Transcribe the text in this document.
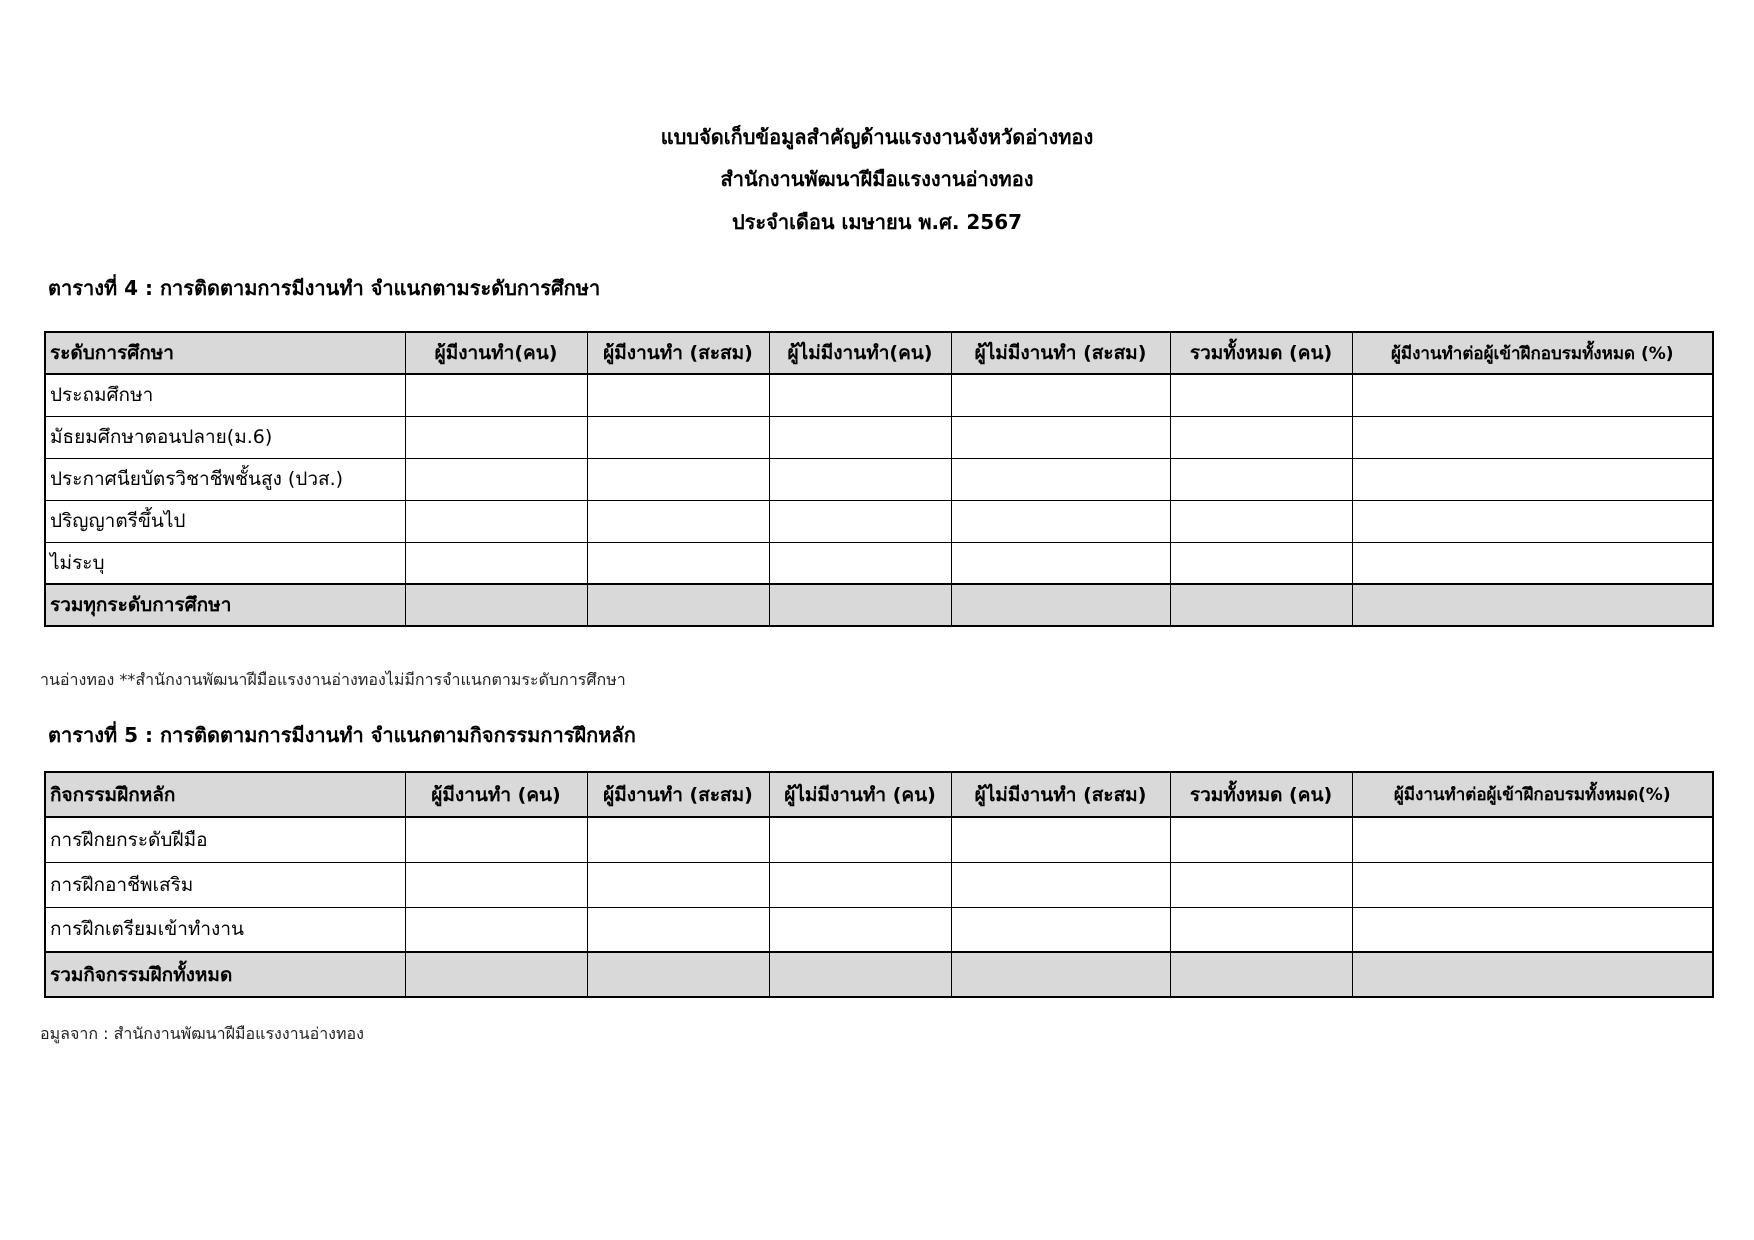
แบบจัดเก็บข้อมูลสำคัญด้านแรงงานจังหวัดอ่างทอง
สำนักงานพัฒนาฝีมือแรงงานอ่างทอง
ประจำเดือน เมษายน พ.ศ. 2567
ตารางที่ 4 : การติดตามการมีงานทำ จำแนกตามระดับการศึกษา
ระดับการศึกษา	ผู้มีงานทำ(คน)	ผู้มีงานทำ (สะสม)	ผู้ไม่มีงานทำ(คน)	ผู้ไม่มีงานทำ (สะสม)	รวมทั้งหมด (คน)	ผู้มีงานทำต่อผู้เข้าฝึกอบรมทั้งหมด (%)
ประถมศึกษา						
มัธยมศึกษาตอนปลาย(ม.6)						
ประกาศนียบัตรวิชาชีพชั้นสูง (ปวส.)						
ปริญญาตรีขึ้นไป						
ไม่ระบุ						
รวมทุกระดับการศึกษา						
านอ่างทอง **สำนักงานพัฒนาฝีมือแรงงานอ่างทองไม่มีการจำแนกตามระดับการศึกษา
ตารางที่ 5 : การติดตามการมีงานทำ จำแนกตามกิจกรรมการฝึกหลัก
กิจกรรมฝึกหลัก	ผู้มีงานทำ (คน)	ผู้มีงานทำ (สะสม)	ผู้ไม่มีงานทำ (คน)	ผู้ไม่มีงานทำ (สะสม)	รวมทั้งหมด (คน)	ผู้มีงานทำต่อผู้เข้าฝึกอบรมทั้งหมด(%)
การฝึกยกระดับฝีมือ						
การฝึกอาชีพเสริม						
การฝึกเตรียมเข้าทำงาน						
รวมกิจกรรมฝึกทั้งหมด						
้อมูลจาก : สำนักงานพัฒนาฝีมือแรงงานอ่างทอง
